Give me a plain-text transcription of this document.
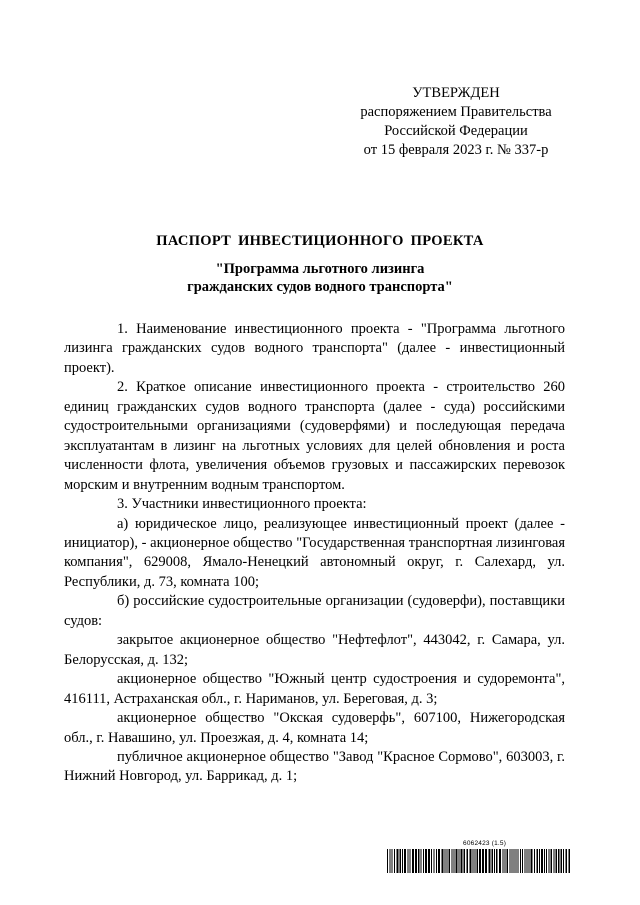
УТВЕРЖДЕН
распоряжением Правительства
Российской Федерации
от 15 февраля 2023 г. № 337-р
ПАСПОРТ ИНВЕСТИЦИОННОГО ПРОЕКТА
"Программа льготного лизинга
гражданских судов водного транспорта"

1. Наименование инвестиционного проекта - "Программа льготного лизинга гражданских судов водного транспорта" (далее - инвестиционный проект).

2. Краткое описание инвестиционного проекта - строительство 260 единиц гражданских судов водного транспорта (далее - суда) российскими судостроительными организациями (судоверфями) и последующая передача эксплуатантам в лизинг на льготных условиях для целей обновления и роста численности флота, увеличения объемов грузовых и пассажирских перевозок морским и внутренним водным транспортом.

3. Участники инвестиционного проекта:

а) юридическое лицо, реализующее инвестиционный проект (далее - инициатор), - акционерное общество "Государственная транспортная лизинговая компания", 629008, Ямало-Ненецкий автономный округ, г. Салехард, ул. Республики, д. 73, комната 100;

б) российские судостроительные организации (судоверфи), поставщики судов:

закрытое акционерное общество "Нефтефлот", 443042, г. Самара, ул. Белорусская, д. 132;

акционерное общество "Южный центр судостроения и судоремонта", 416111, Астраханская обл., г. Нариманов, ул. Береговая, д. 3;

акционерное общество "Окская судоверфь", 607100, Нижегородская обл., г. Навашино, ул. Проезжая, д. 4, комната 14;

публичное акционерное общество "Завод "Красное Сормово", 603003, г. Нижний Новгород, ул. Баррикад, д. 1;

6062423 (1.5)
